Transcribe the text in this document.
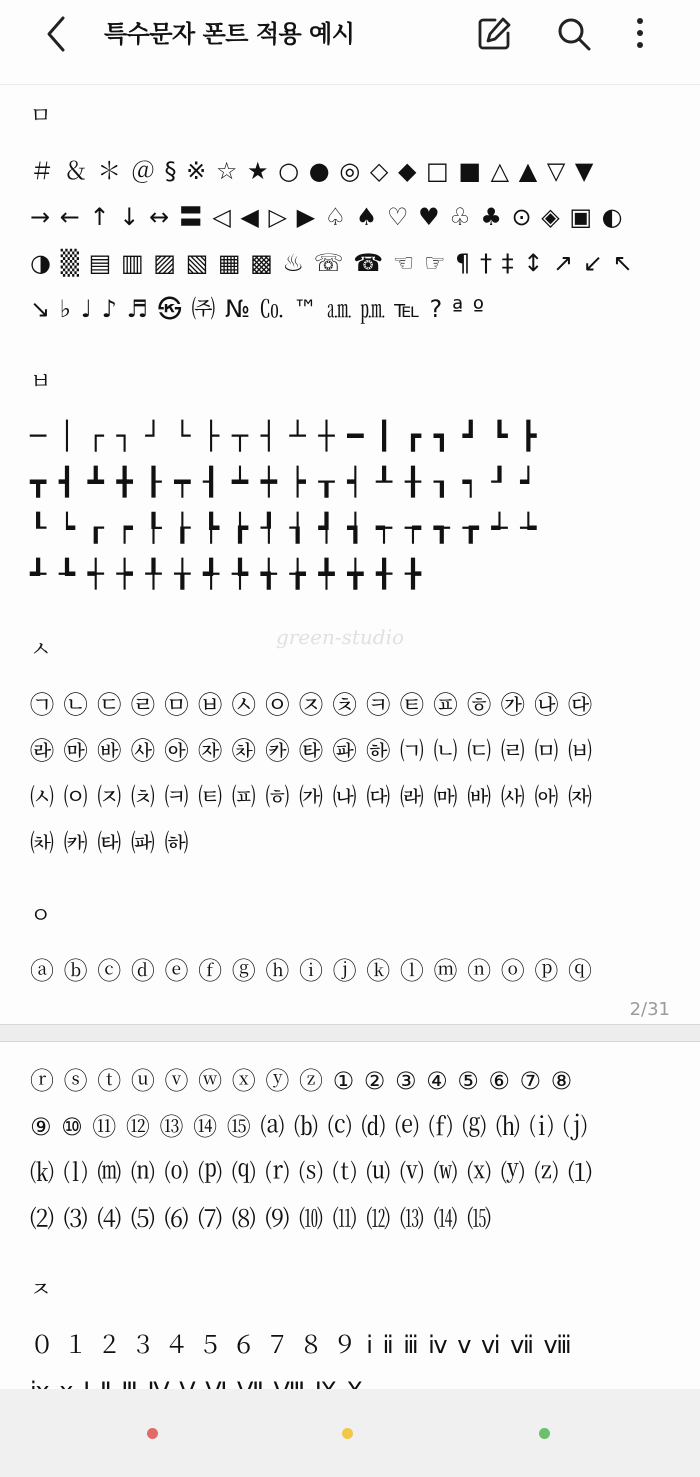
특수문자 폰트 적용 예시
ㅁ
＃ ＆ ＊ ＠ § ※ ☆ ★ ○ ● ◎ ◇ ◆ □ ■ △ ▲ ▽ ▼
→ ← ↑ ↓ ↔ 〓 ◁ ◀ ▷ ▶ ♤ ♠ ♡ ♥ ♧ ♣ ⊙ ◈ ▣ ◐
◑ ▒ ▤ ▥ ▨ ▧ ▦ ▩ ♨ ☏ ☎ ☜ ☞ ¶ † ‡ ↕ ↗ ↙ ↖
↘ ♭ ♩ ♪ ♬ ㉿ ㈜ № ㏇ ™ ㏂ ㏘ ℡ ? ª º
ㅂ
─ │ ┌ ┐ ┘ └ ├ ┬ ┤ ┴ ┼ ━ ┃ ┏ ┓ ┛ ┗ ┣
┳ ┫ ┻ ╋ ┠ ┯ ┨ ┷ ┿ ┝ ┰ ┥ ┸ ╂ ┒ ┑ ┚ ┙
┖ ┕ ┎ ┍ ┞ ┟ ┡ ┢ ┦ ┧ ┩ ┪ ┭ ┮ ┱ ┲ ┵ ┶
┹ ┺ ┽ ┾ ╀ ╁ ╃ ╄ ╅ ╆ ╇ ╈ ╉ ╊
ㅅ
㉠ ㉡ ㉢ ㉣ ㉤ ㉥ ㉦ ㉧ ㉨ ㉩ ㉪ ㉫ ㉬ ㉭ ㉮ ㉯ ㉰
㉱ ㉲ ㉳ ㉴ ㉵ ㉶ ㉷ ㉸ ㉹ ㉺ ㉻ ㈀ ㈁ ㈂ ㈃ ㈄ ㈅
㈆ ㈇ ㈈ ㈉ ㈊ ㈋ ㈌ ㈍ ㈎ ㈏ ㈐ ㈑ ㈒ ㈓ ㈔ ㈕ ㈖
㈗ ㈘ ㈙ ㈚ ㈛
ㅇ
ⓐ ⓑ ⓒ ⓓ ⓔ ⓕ ⓖ ⓗ ⓘ ⓙ ⓚ ⓛ ⓜ ⓝ ⓞ ⓟ ⓠ
2/31
ⓡ ⓢ ⓣ ⓤ ⓥ ⓦ ⓧ ⓨ ⓩ ① ② ③ ④ ⑤ ⑥ ⑦ ⑧
⑨ ⑩ ⑪ ⑫ ⑬ ⑭ ⑮ ⒜ ⒝ ⒞ ⒟ ⒠ ⒡ ⒢ ⒣ ⒤ ⒥
⒦ ⒧ ⒨ ⒩ ⒪ ⒫ ⒬ ⒭ ⒮ ⒯ ⒰ ⒱ ⒲ ⒳ ⒴ ⒵ ⑴
⑵ ⑶ ⑷ ⑸ ⑹ ⑺ ⑻ ⑼ ⑽ ⑾ ⑿ ⒀ ⒁ ⒂
ㅈ
０ １ ２ ３ ４ ５ ６ ７ ８ ９ ⅰ ⅱ ⅲ ⅳ ⅴ ⅵ ⅶ ⅷ
green-studio
